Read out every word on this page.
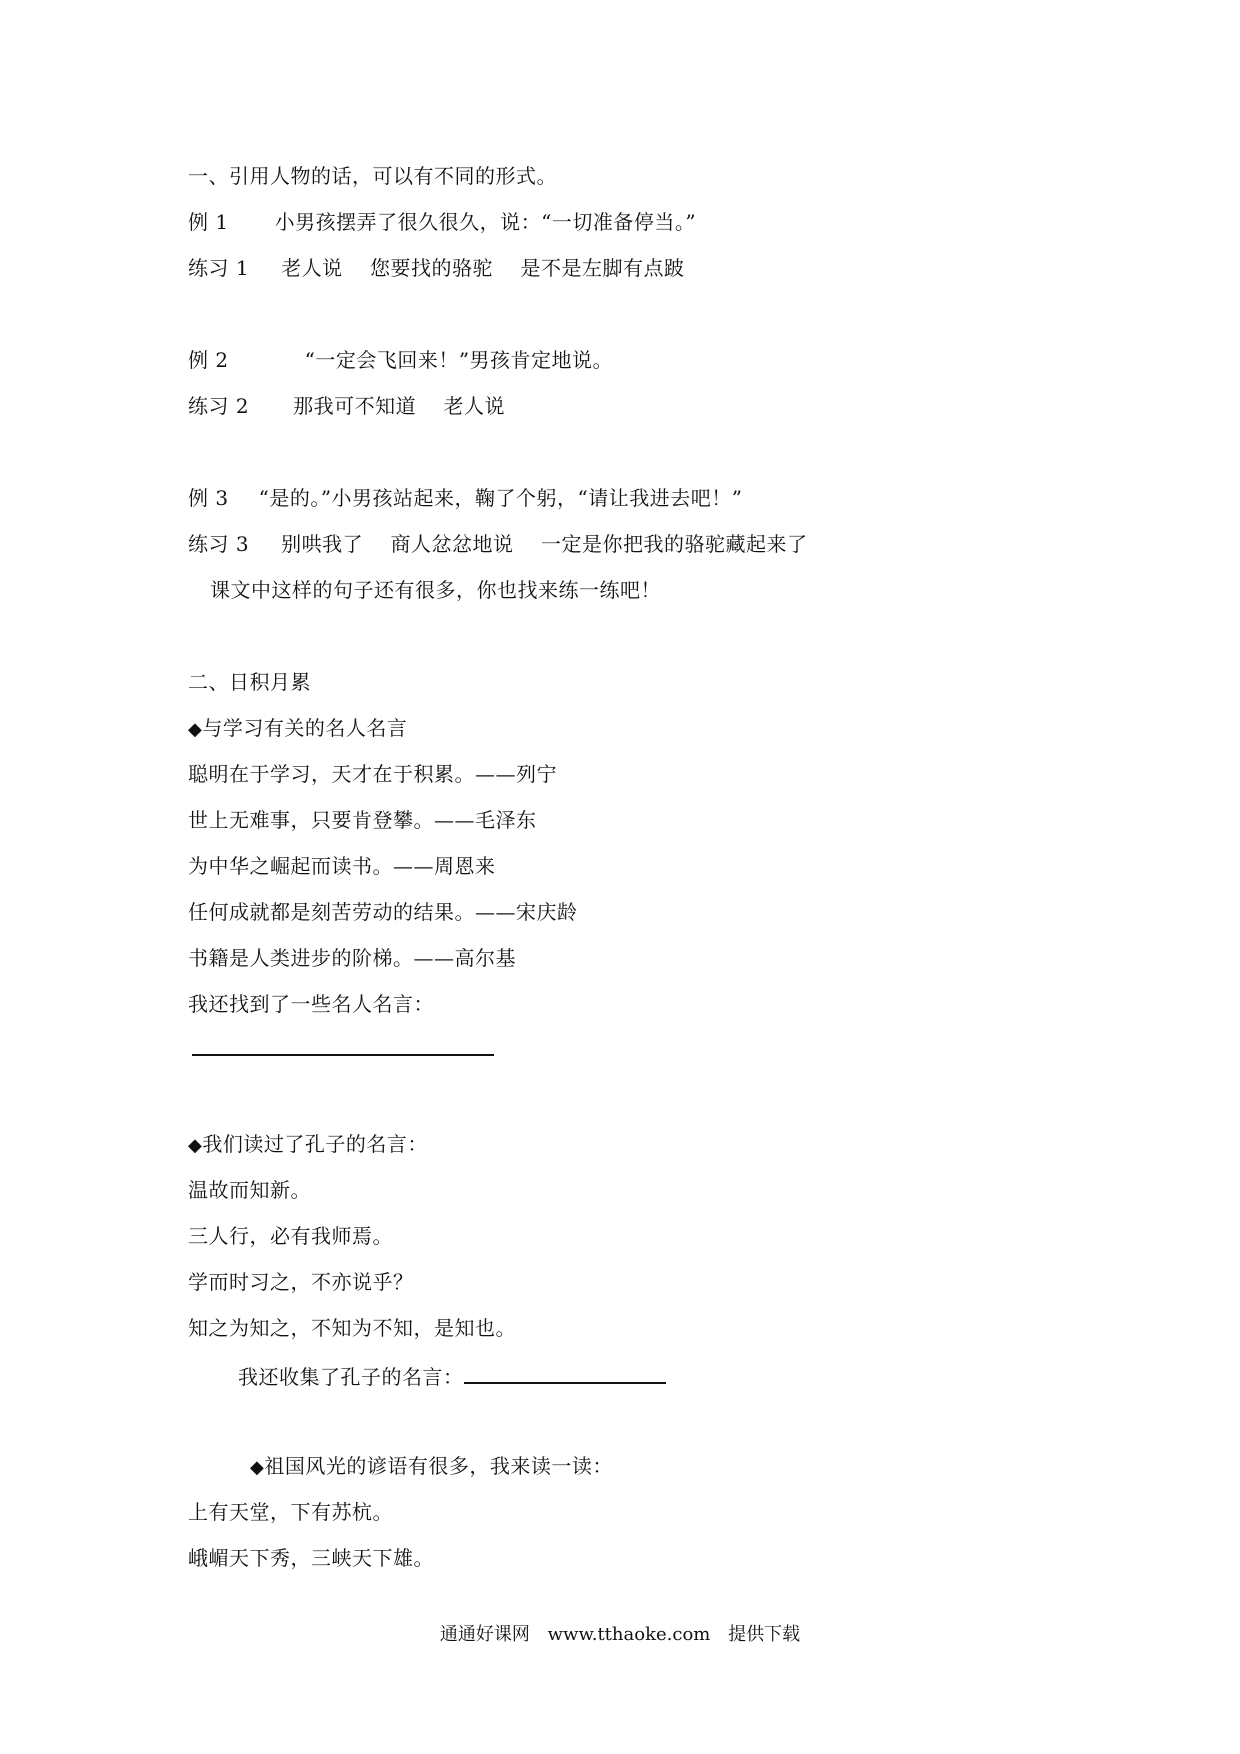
一、引用人物的话，可以有不同的形式。
例 1 小男孩摆弄了很久很久，说：“一切准备停当。”
练习 1 老人说    您要找的骆驼    是不是左脚有点跛
例 2	“一定会飞回来！”男孩肯定地说。
练习 2 那我可不知道    老人说
例 3 “是的。”小男孩站起来，鞠了个躬，“请让我进去吧！”
练习 3 别哄我了    商人忿忿地说    一定是你把我的骆驼藏起来了
课文中这样的句子还有很多，你也找来练一练吧！
二、日积月累
◆与学习有关的名人名言
聪明在于学习，天才在于积累。——列宁
世上无难事，只要肯登攀。——毛泽东
为中华之崛起而读书。——周恩来
任何成就都是刻苦劳动的结果。——宋庆龄
书籍是人类进步的阶梯。——高尔基
我还找到了一些名人名言：
◆我们读过了孔子的名言：
温故而知新。
三人行，必有我师焉。
学而时习之，不亦说乎？
知之为知之，不知为不知，是知也。
我还收集了孔子的名言：
◆祖国风光的谚语有很多，我来读一读：
上有天堂，下有苏杭。
峨嵋天下秀，三峡天下雄。
通通好课网 www.tthaoke.com 提供下载
